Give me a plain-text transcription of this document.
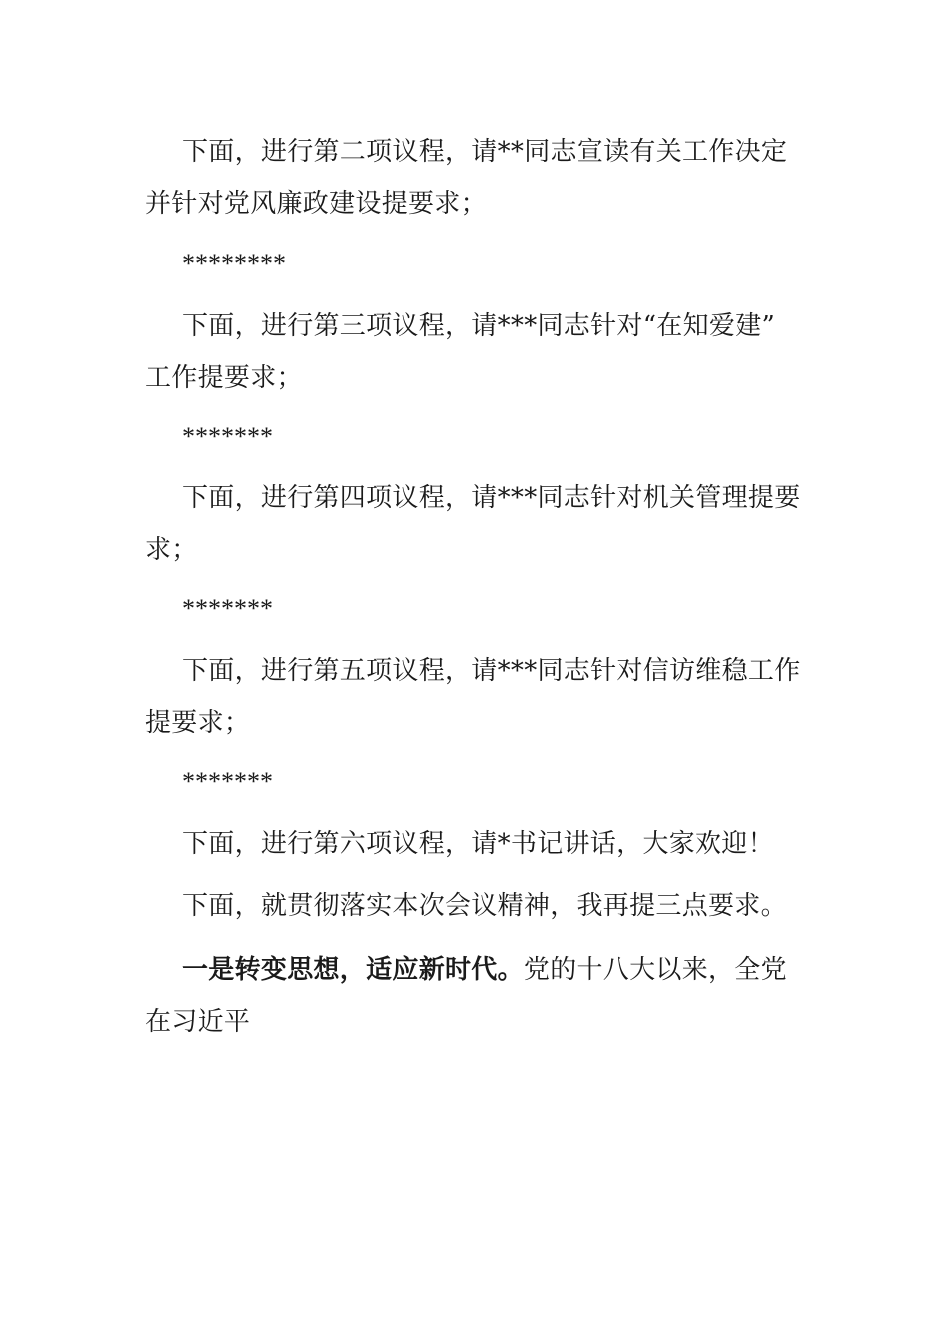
下面，进行第二项议程，请**同志宣读有关工作决定并针对党风廉政建设提要求；

********

下面，进行第三项议程，请***同志针对“在知爱建”
工作提要求；

*******

下面，进行第四项议程，请***同志针对机关管理提要求；

*******

下面，进行第五项议程，请***同志针对信访维稳工作提要求；

*******

下面，进行第六项议程，请*书记讲话，大家欢迎！

下面，就贯彻落实本次会议精神，我再提三点要求。

一是转变思想，适应新时代。党的十八大以来，全党在习近平
